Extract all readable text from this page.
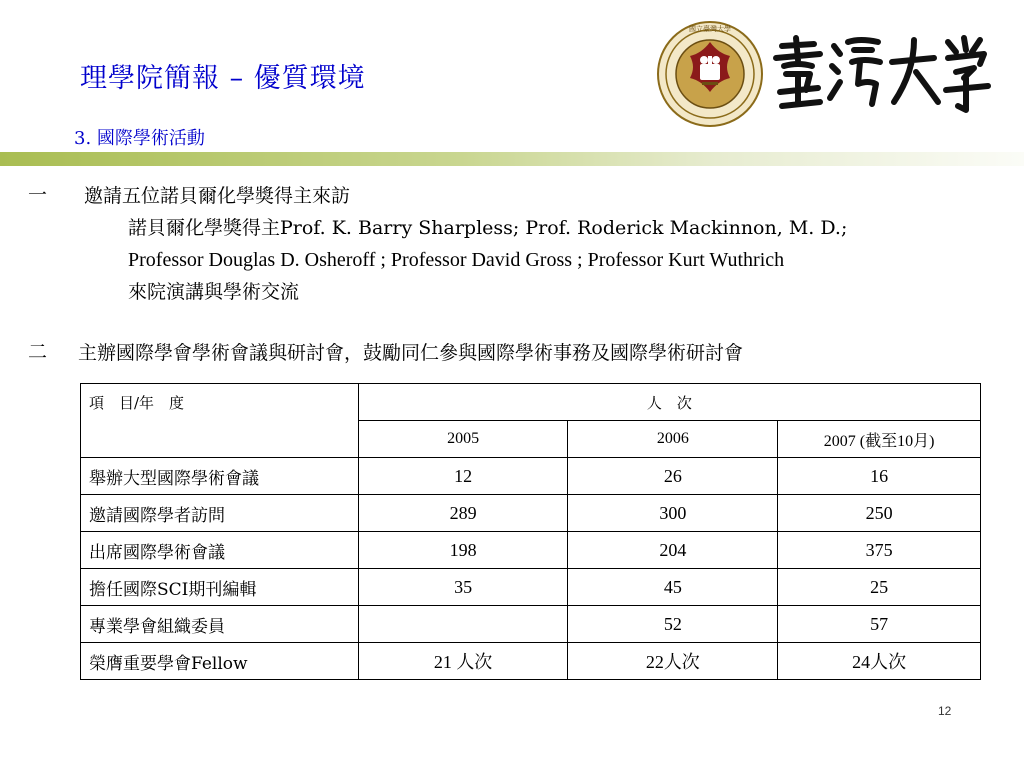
理學院簡報 – 優質環境
3. 國際學術活動
國立臺灣大學
一 邀請五位諾貝爾化學獎得主來訪
諾貝爾化學獎得主Prof. K. Barry Sharpless; Prof. Roderick Mackinnon, M. D.;
Professor Douglas D. Osheroff ; Professor David Gross ; Professor Kurt Wuthrich
來院演講與學術交流
二 主辦國際學會學術會議與研討會，鼓勵同仁參與國際學術事務及國際學術研討會
項　目/年　度	人　次		
	2005	2006	2007 (截至10月)
舉辦大型國際學術會議	12	26	16
邀請國際學者訪問	289	300	250
出席國際學術會議	198	204	375
擔任國際SCI期刊編輯	35	45	25
專業學會組織委員		52	57
榮膺重要學會Fellow	21 人次	22人次	24人次
12
